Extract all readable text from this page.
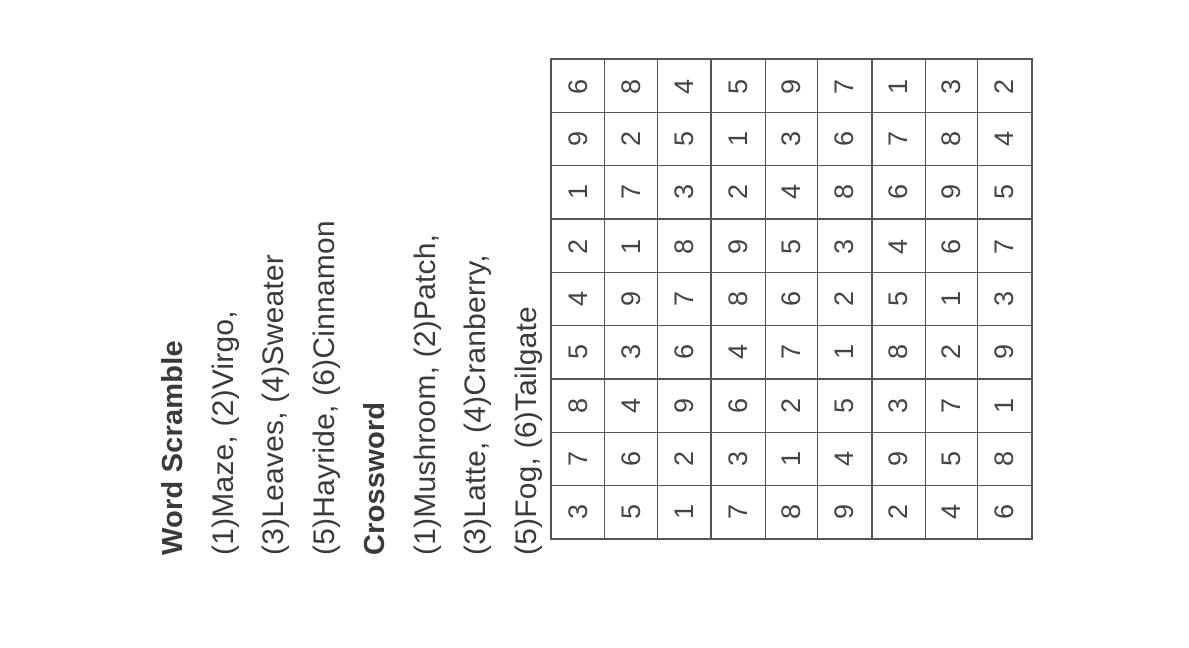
Word Scramble (1)Maze, (2)Virgo, (3)Leaves, (4)Sweater (5)Hayride, (6)Cinnamon Crossword (1)Mushroom, (2)Patch, (3)Latte, (4)Cranberry, (5)Fog, (6)Tailgate
6	8	4	5	9	7	1	3	2
9	2	5	1	3	6	7	8	4
1	7	3	2	4	8	6	9	5
2	1	8	9	5	3	4	6	7
4	9	7	8	6	2	5	1	3
5	3	6	4	7	1	8	2	9
8	4	9	6	2	5	3	7	1
7	6	2	3	1	4	9	5	8
3	5	1	7	8	9	2	4	6
